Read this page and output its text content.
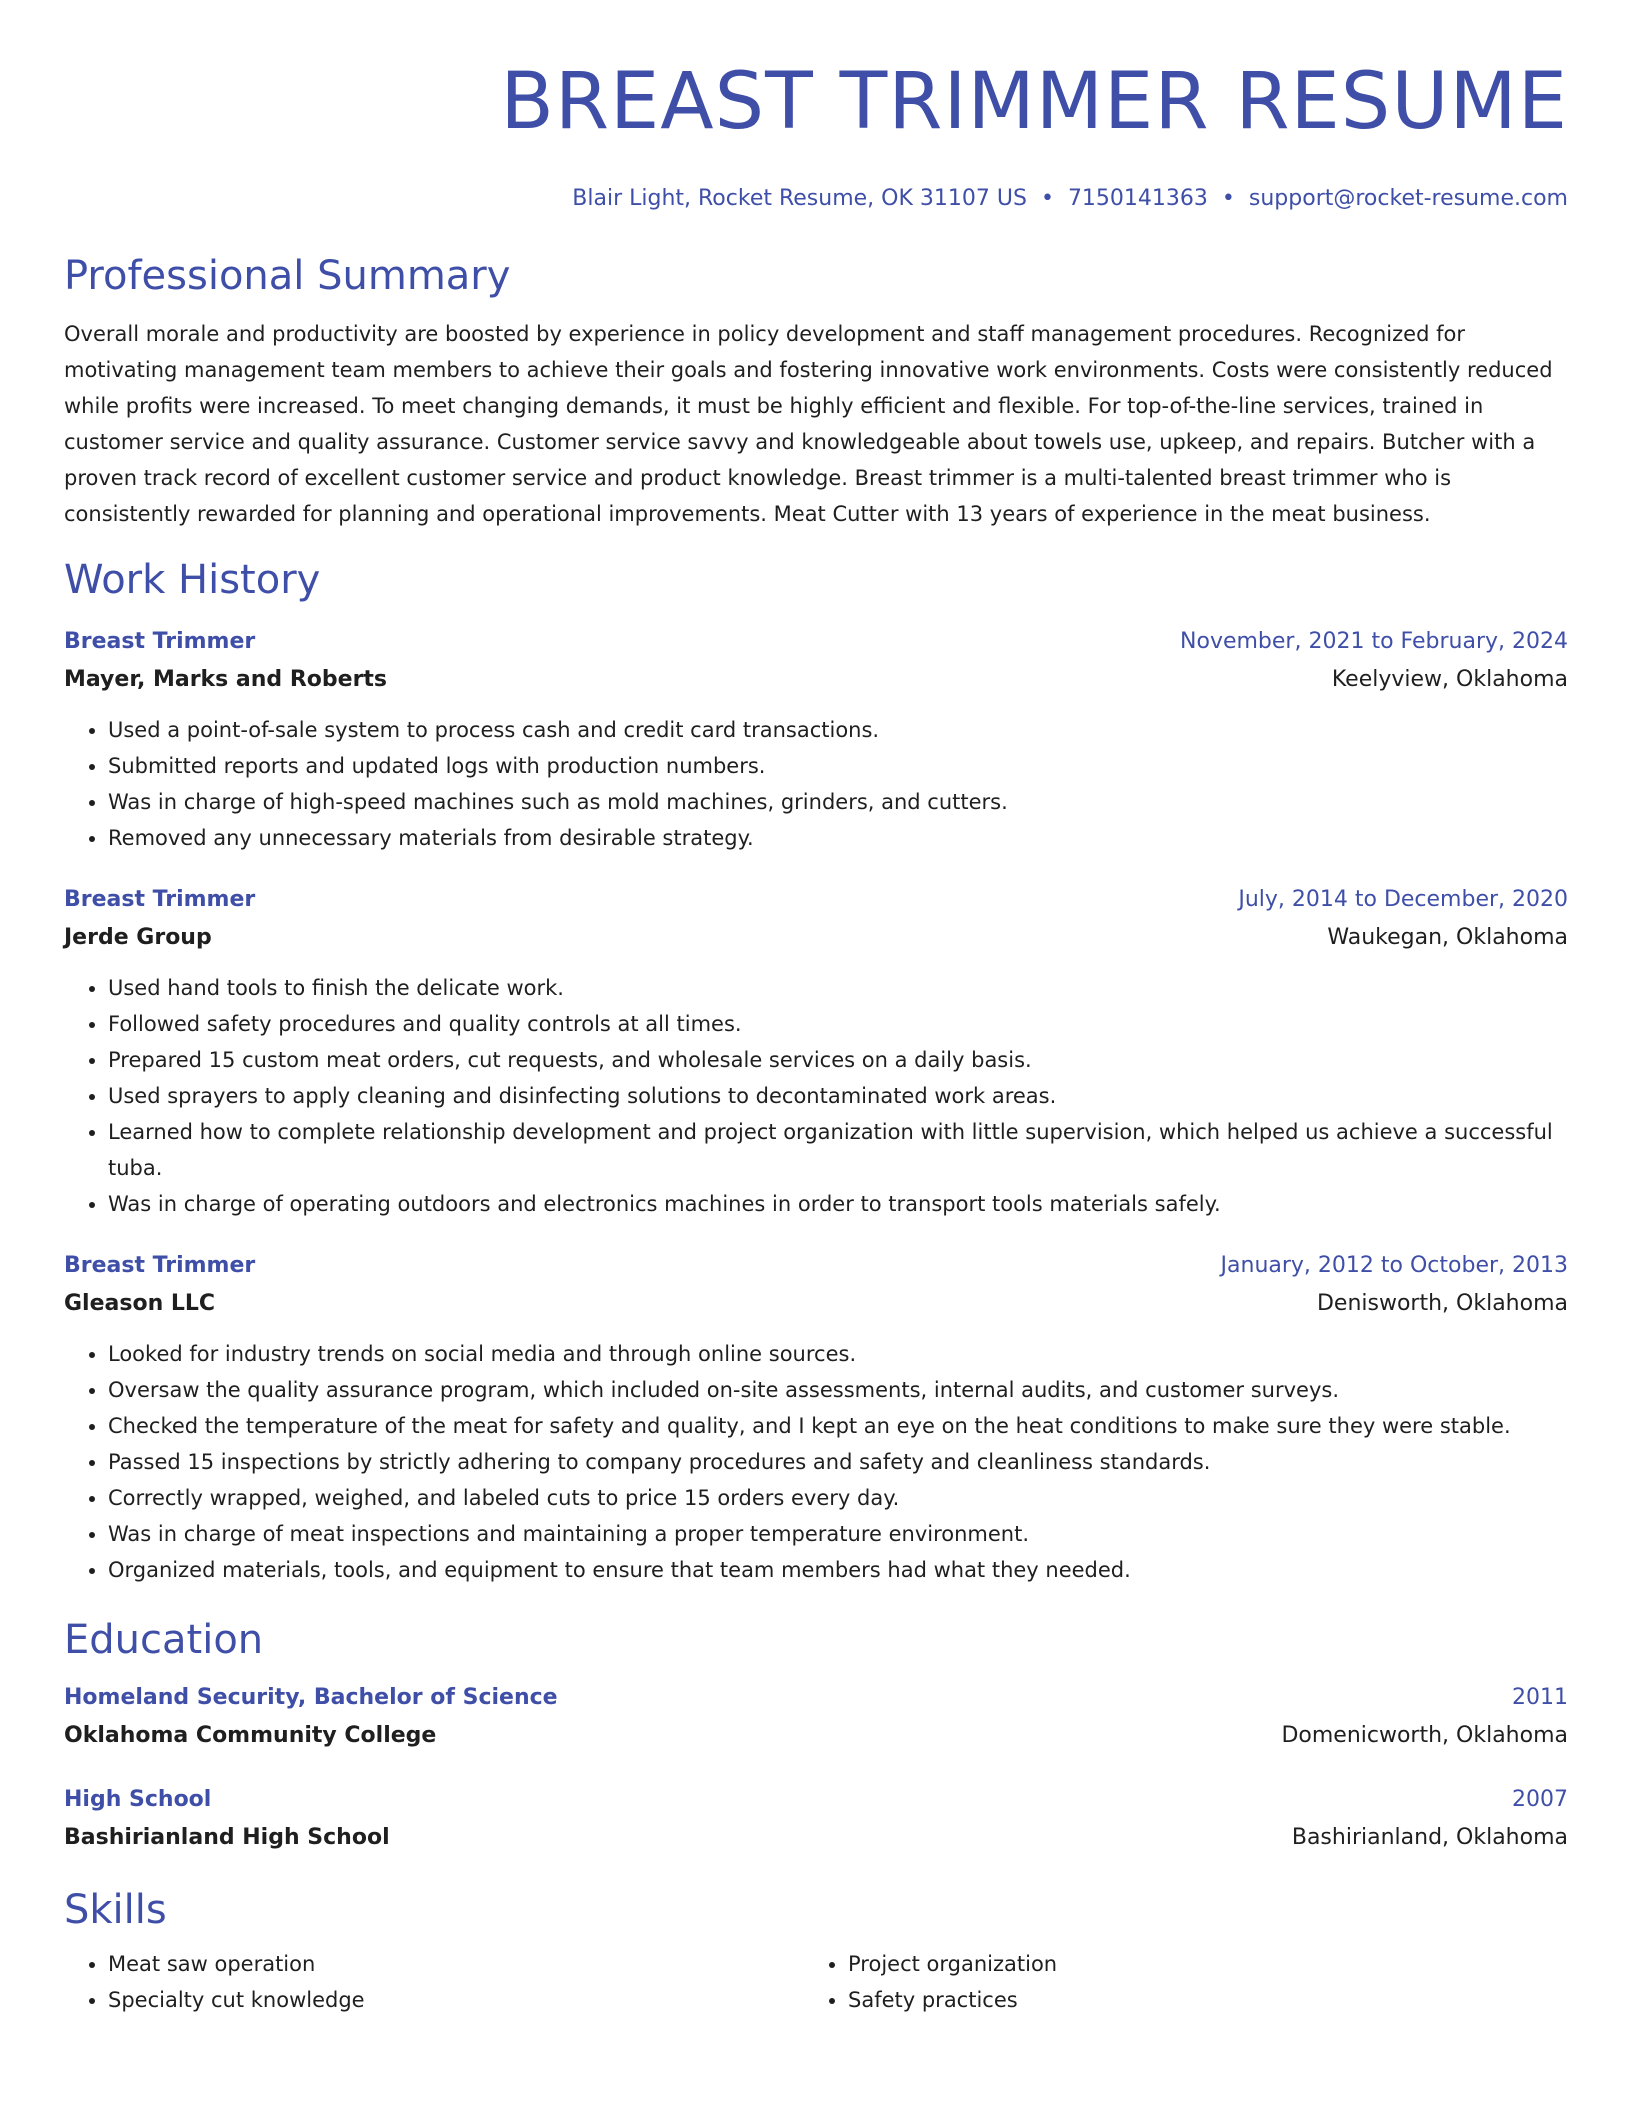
BREAST TRIMMER RESUME
Blair Light, Rocket Resume, OK 31107 US • 7150141363 • support@rocket-resume.com
Professional Summary
Overall morale and productivity are boosted by experience in policy development and staff management procedures. Recognized for motivating management team members to achieve their goals and fostering innovative work environments. Costs were consistently reduced while profits were increased. To meet changing demands, it must be highly efficient and flexible. For top-of-the-line services, trained in customer service and quality assurance. Customer service savvy and knowledgeable about towels use, upkeep, and repairs. Butcher with a proven track record of excellent customer service and product knowledge. Breast trimmer is a multi-talented breast trimmer who is consistently rewarded for planning and operational improvements. Meat Cutter with 13 years of experience in the meat business.
Work History
Breast Trimmer	November, 2021 to February, 2024
Mayer, Marks and Roberts	Keelyview, Oklahoma
• Used a point-of-sale system to process cash and credit card transactions.
• Submitted reports and updated logs with production numbers.
• Was in charge of high-speed machines such as mold machines, grinders, and cutters.
• Removed any unnecessary materials from desirable strategy.
Breast Trimmer	July, 2014 to December, 2020
Jerde Group	Waukegan, Oklahoma
• Used hand tools to finish the delicate work.
• Followed safety procedures and quality controls at all times.
• Prepared 15 custom meat orders, cut requests, and wholesale services on a daily basis.
• Used sprayers to apply cleaning and disinfecting solutions to decontaminated work areas.
• Learned how to complete relationship development and project organization with little supervision, which helped us achieve a successful tuba.
• Was in charge of operating outdoors and electronics machines in order to transport tools materials safely.
Breast Trimmer	January, 2012 to October, 2013
Gleason LLC	Denisworth, Oklahoma
• Looked for industry trends on social media and through online sources.
• Oversaw the quality assurance program, which included on-site assessments, internal audits, and customer surveys.
• Checked the temperature of the meat for safety and quality, and I kept an eye on the heat conditions to make sure they were stable.
• Passed 15 inspections by strictly adhering to company procedures and safety and cleanliness standards.
• Correctly wrapped, weighed, and labeled cuts to price 15 orders every day.
• Was in charge of meat inspections and maintaining a proper temperature environment.
• Organized materials, tools, and equipment to ensure that team members had what they needed.
Education
Homeland Security, Bachelor of Science	2011
Oklahoma Community College	Domenicworth, Oklahoma
High School	2007
Bashirianland High School	Bashirianland, Oklahoma
Skills
• Meat saw operation
• Specialty cut knowledge
• Project organization
• Safety practices
